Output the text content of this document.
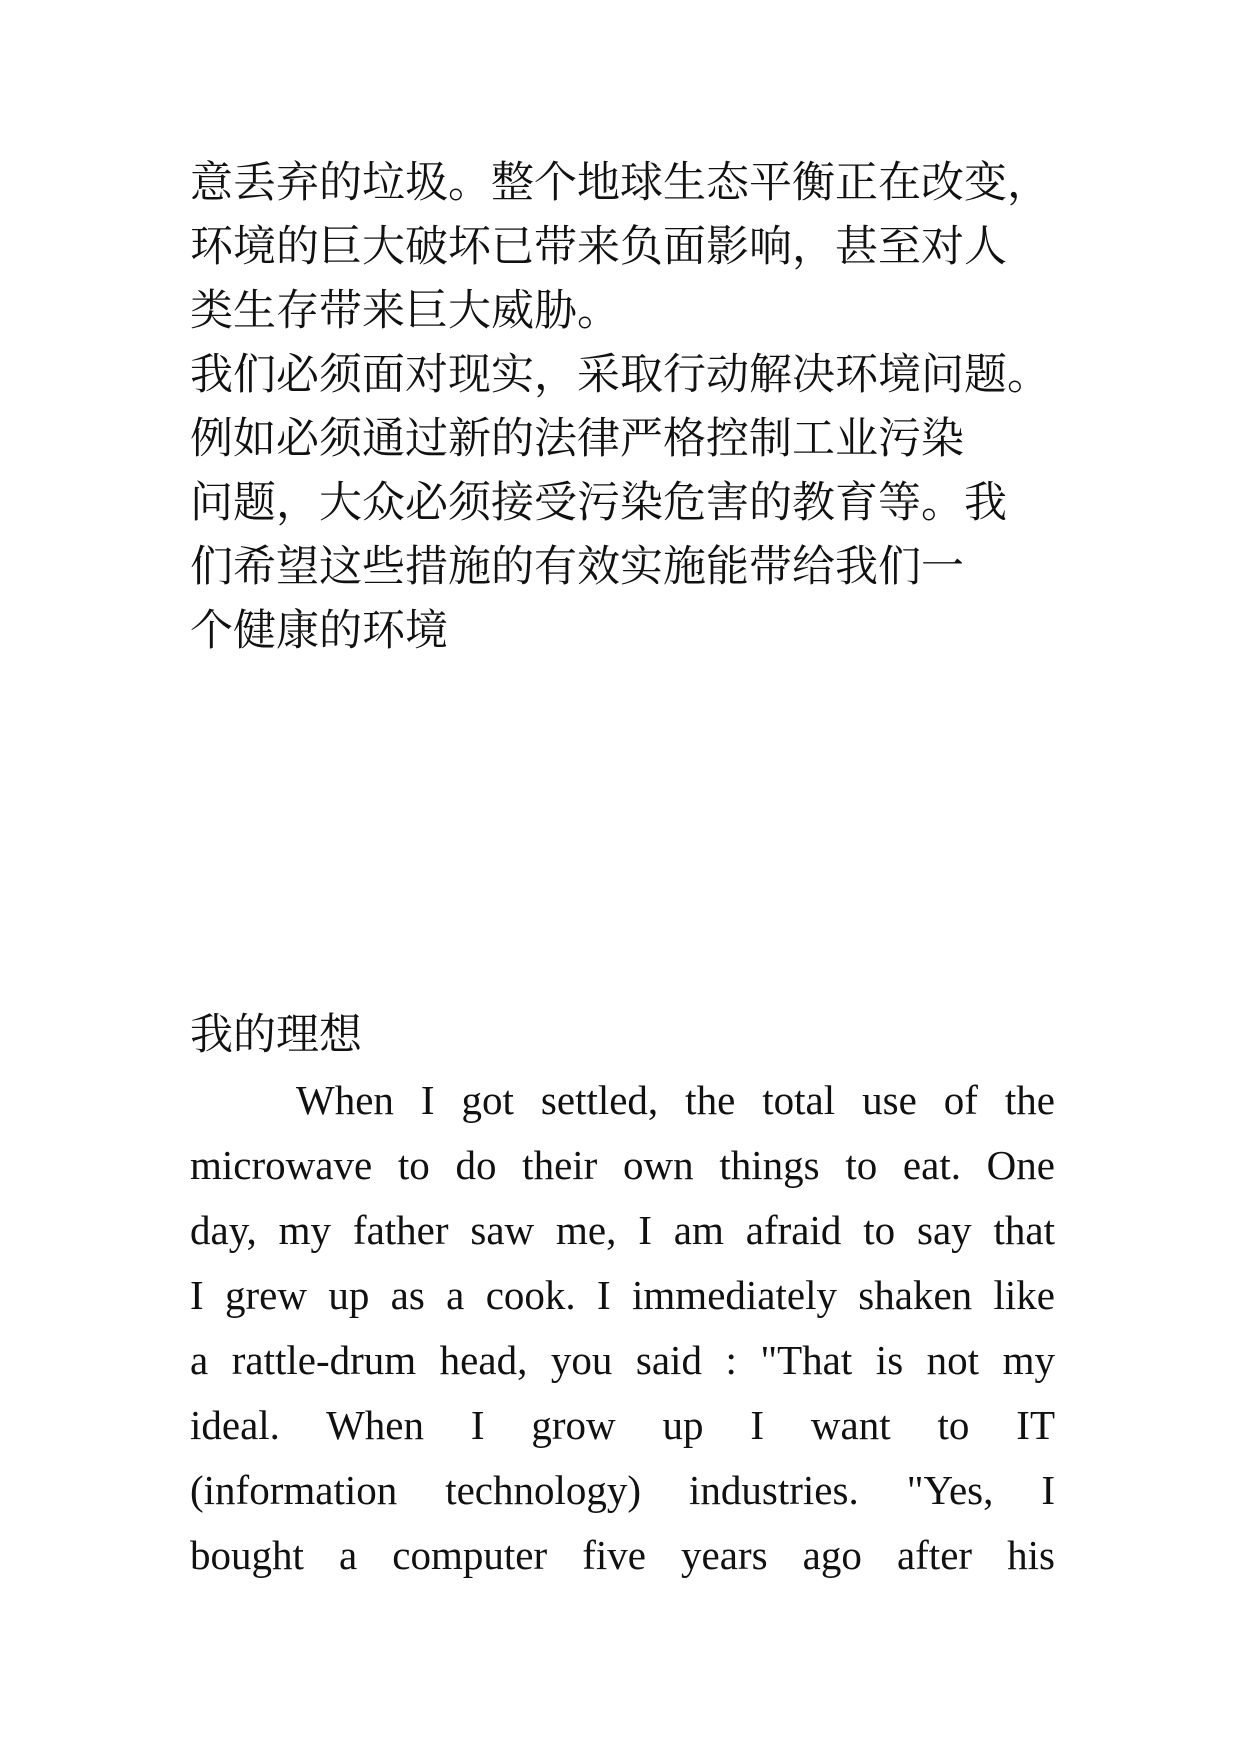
意丢弃的垃圾。整个地球生态平衡正在改变，
环境的巨大破坏已带来负面影响，甚至对人
类生存带来巨大威胁。
我们必须面对现实，采取行动解决环境问题。
例如必须通过新的法律严格控制工业污染
问题，大众必须接受污染危害的教育等。我
们希望这些措施的有效实施能带给我们一
个健康的环境
我的理想
When I got settled, the total use of the
microwave to do their own things to eat. One
day, my father saw me, I am afraid to say that
I grew up as a cook. I immediately shaken like
a rattle-drum head, you said : "That is not my
ideal. When I grow up I want to IT
(information technology) industries. "Yes, I
bought a computer five years ago after his
